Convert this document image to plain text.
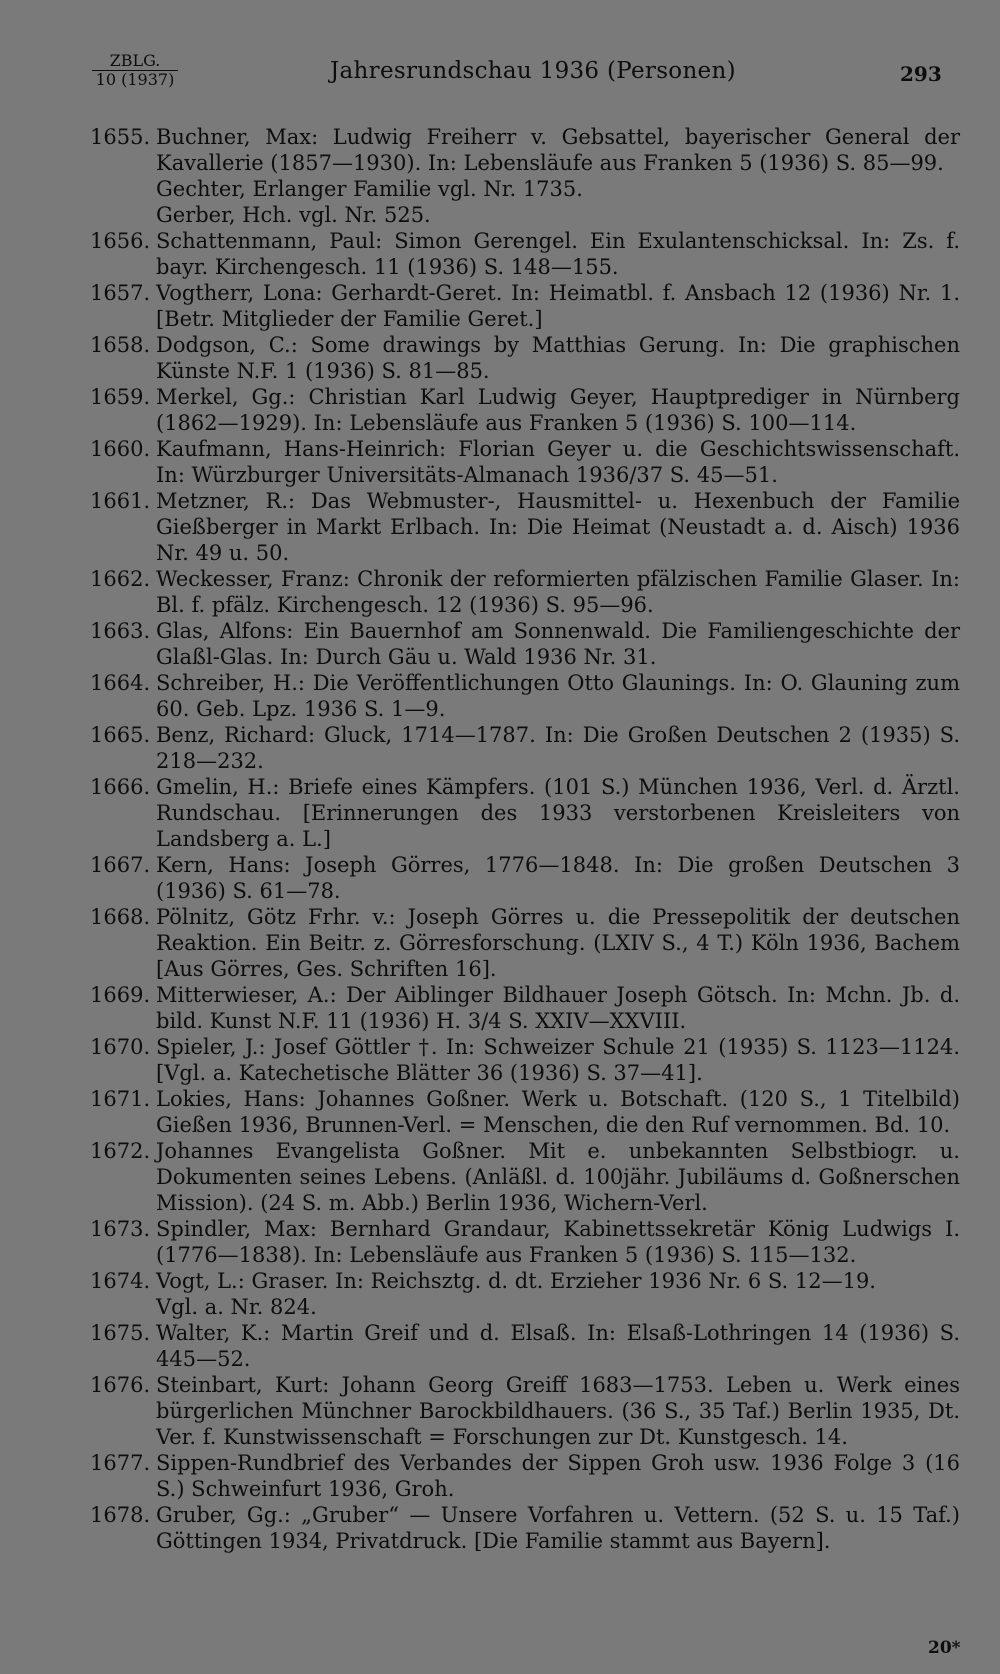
ZBLG.
10 (1937)	Jahresrundschau 1936 (Personen)	293

1655. Buchner, Max: Ludwig Freiherr v. Gebsattel, bayerischer General der Kavallerie (1857—1930). In: Lebensläufe aus Franken 5 (1936) S. 85—99.

Gechter, Erlanger Familie vgl. Nr. 1735.

Gerber, Hch. vgl. Nr. 525.

1656. Schattenmann, Paul: Simon Gerengel. Ein Exulantenschicksal. In: Zs. f. bayr. Kirchengesch. 11 (1936) S. 148—155.

1657. Vogtherr, Lona: Gerhardt-Geret. In: Heimatbl. f. Ansbach 12 (1936) Nr. 1. [Betr. Mitglieder der Familie Geret.]

1658. Dodgson, C.: Some drawings by Matthias Gerung. In: Die graphischen Künste N.F. 1 (1936) S. 81—85.

1659. Merkel, Gg.: Christian Karl Ludwig Geyer, Hauptprediger in Nürnberg (1862—1929). In: Lebensläufe aus Franken 5 (1936) S. 100—114.

1660. Kaufmann, Hans-Heinrich: Florian Geyer u. die Geschichtswissenschaft. In: Würzburger Universitäts-Almanach 1936/37 S. 45—51.

1661. Metzner, R.: Das Webmuster-, Hausmittel- u. Hexenbuch der Familie Gießberger in Markt Erlbach. In: Die Heimat (Neustadt a. d. Aisch) 1936 Nr. 49 u. 50.

1662. Weckesser, Franz: Chronik der reformierten pfälzischen Familie Glaser. In: Bl. f. pfälz. Kirchengesch. 12 (1936) S. 95—96.

1663. Glas, Alfons: Ein Bauernhof am Sonnenwald. Die Familiengeschichte der Glaßl-Glas. In: Durch Gäu u. Wald 1936 Nr. 31.

1664. Schreiber, H.: Die Veröffentlichungen Otto Glaunings. In: O. Glauning zum 60. Geb. Lpz. 1936 S. 1—9.

1665. Benz, Richard: Gluck, 1714—1787. In: Die Großen Deutschen 2 (1935) S. 218—232.

1666. Gmelin, H.: Briefe eines Kämpfers. (101 S.) München 1936, Verl. d. Ärztl. Rundschau. [Erinnerungen des 1933 verstorbenen Kreisleiters von Landsberg a. L.]

1667. Kern, Hans: Joseph Görres, 1776—1848. In: Die großen Deutschen 3 (1936) S. 61—78.

1668. Pölnitz, Götz Frhr. v.: Joseph Görres u. die Pressepolitik der deutschen Reaktion. Ein Beitr. z. Görresforschung. (LXIV S., 4 T.) Köln 1936, Bachem [Aus Görres, Ges. Schriften 16].

1669. Mitterwieser, A.: Der Aiblinger Bildhauer Joseph Götsch. In: Mchn. Jb. d. bild. Kunst N.F. 11 (1936) H. 3/4 S. XXIV—XXVIII.

1670. Spieler, J.: Josef Göttler †. In: Schweizer Schule 21 (1935) S. 1123—1124. [Vgl. a. Katechetische Blätter 36 (1936) S. 37—41].

1671. Lokies, Hans: Johannes Goßner. Werk u. Botschaft. (120 S., 1 Titelbild) Gießen 1936, Brunnen-Verl. = Menschen, die den Ruf vernommen. Bd. 10.

1672. Johannes Evangelista Goßner. Mit e. unbekannten Selbstbiogr. u. Dokumenten seines Lebens. (Anläßl. d. 100jähr. Jubiläums d. Goßnerschen Mission). (24 S. m. Abb.) Berlin 1936, Wichern-Verl.

1673. Spindler, Max: Bernhard Grandaur, Kabinettssekretär König Ludwigs I. (1776—1838). In: Lebensläufe aus Franken 5 (1936) S. 115—132.

1674. Vogt, L.: Graser. In: Reichsztg. d. dt. Erzieher 1936 Nr. 6 S. 12—19.

Vgl. a. Nr. 824.

1675. Walter, K.: Martin Greif und d. Elsaß. In: Elsaß-Lothringen 14 (1936) S. 445—52.

1676. Steinbart, Kurt: Johann Georg Greiff 1683—1753. Leben u. Werk eines bürgerlichen Münchner Barockbildhauers. (36 S., 35 Taf.) Berlin 1935, Dt. Ver. f. Kunstwissenschaft = Forschungen zur Dt. Kunstgesch. 14.

1677. Sippen-Rundbrief des Verbandes der Sippen Groh usw. 1936 Folge 3 (16 S.) Schweinfurt 1936, Groh.

1678. Gruber, Gg.: „Gruber“ — Unsere Vorfahren u. Vettern. (52 S. u. 15 Taf.) Göttingen 1934, Privatdruck. [Die Familie stammt aus Bayern].

20*
